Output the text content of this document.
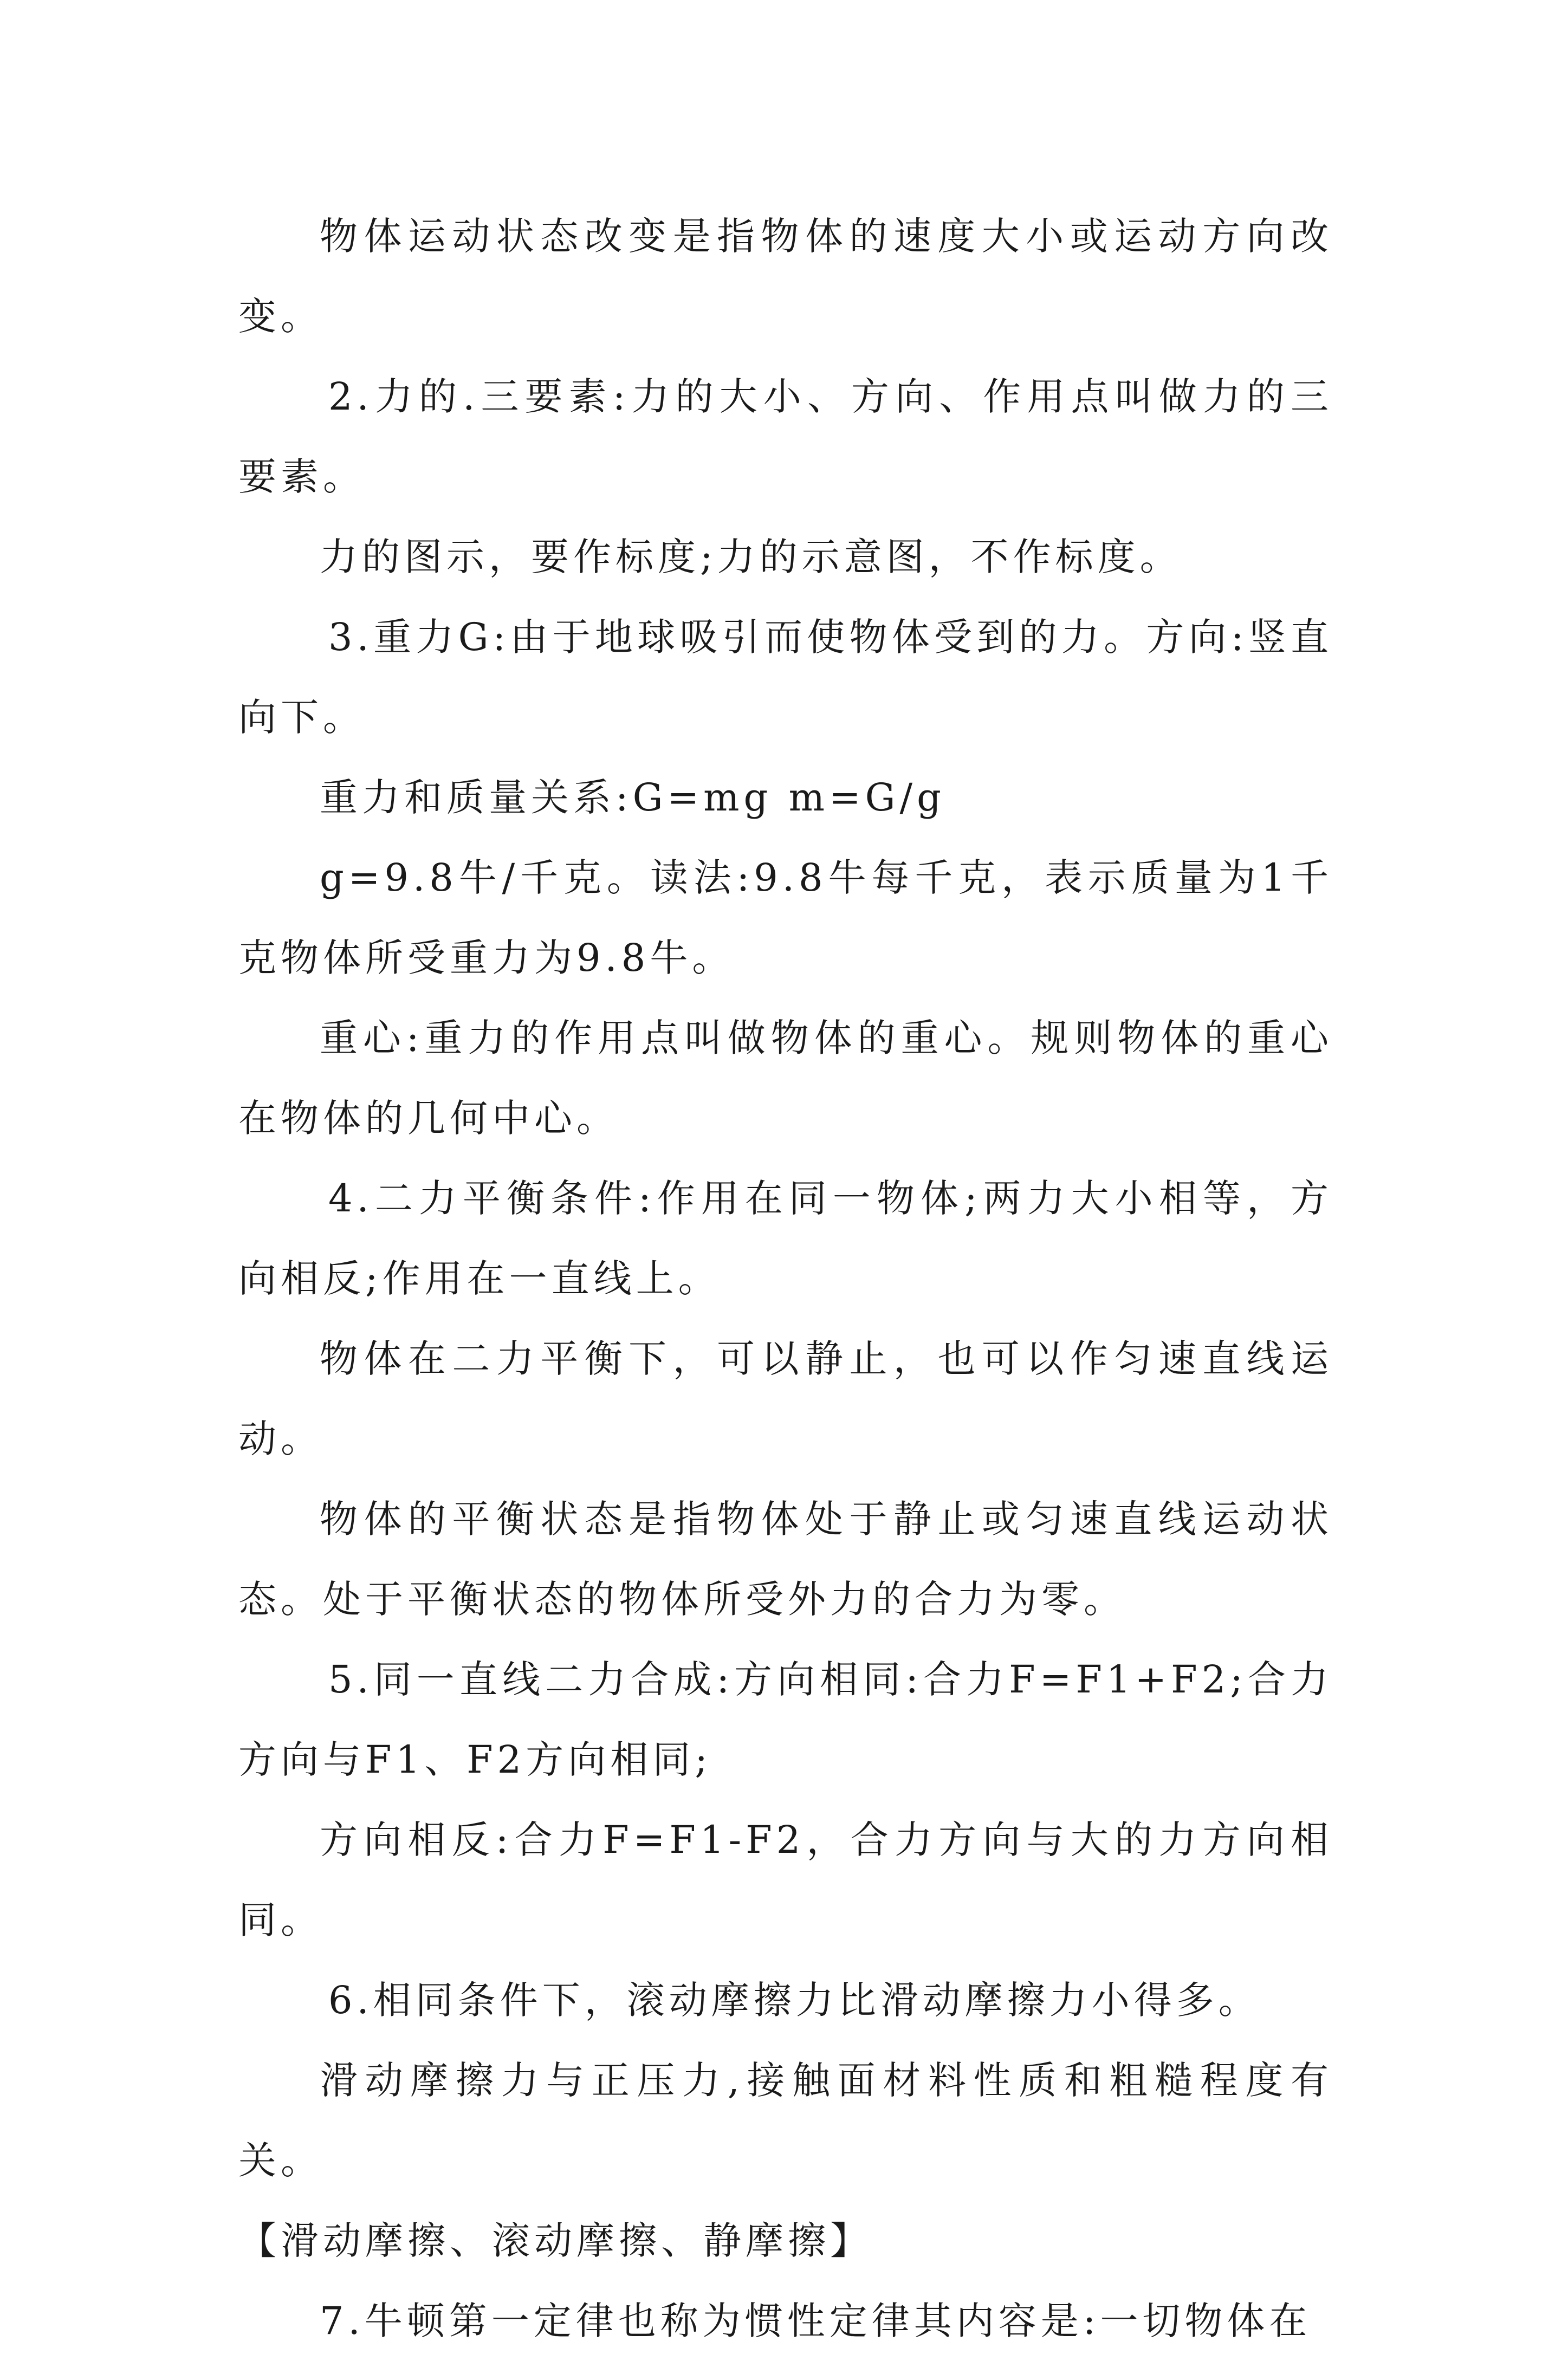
物体运动状态改变是指物体的速度大小或运动方向改变。

2.力的.三要素:力的大小、方向、作用点叫做力的三要素。

力的图示，要作标度;力的示意图，不作标度。

3.重力G:由于地球吸引而使物体受到的力。方向:竖直向下。

重力和质量关系:G=mg m=G/g

g=9.8牛/千克。读法:9.8牛每千克，表示质量为1千克物体所受重力为9.8牛。

重心:重力的作用点叫做物体的重心。规则物体的重心在物体的几何中心。

4.二力平衡条件:作用在同一物体;两力大小相等，方向相反;作用在一直线上。

物体在二力平衡下，可以静止，也可以作匀速直线运动。

物体的平衡状态是指物体处于静止或匀速直线运动状态。处于平衡状态的物体所受外力的合力为零。

5.同一直线二力合成:方向相同:合力F=F1+F2;合力方向与F1、F2方向相同;

方向相反:合力F=F1-F2，合力方向与大的力方向相同。

6.相同条件下，滚动摩擦力比滑动摩擦力小得多。

滑动摩擦力与正压力,接触面材料性质和粗糙程度有关。

【滑动摩擦、滚动摩擦、静摩擦】

7.牛顿第一定律也称为惯性定律其内容是:一切物体在
